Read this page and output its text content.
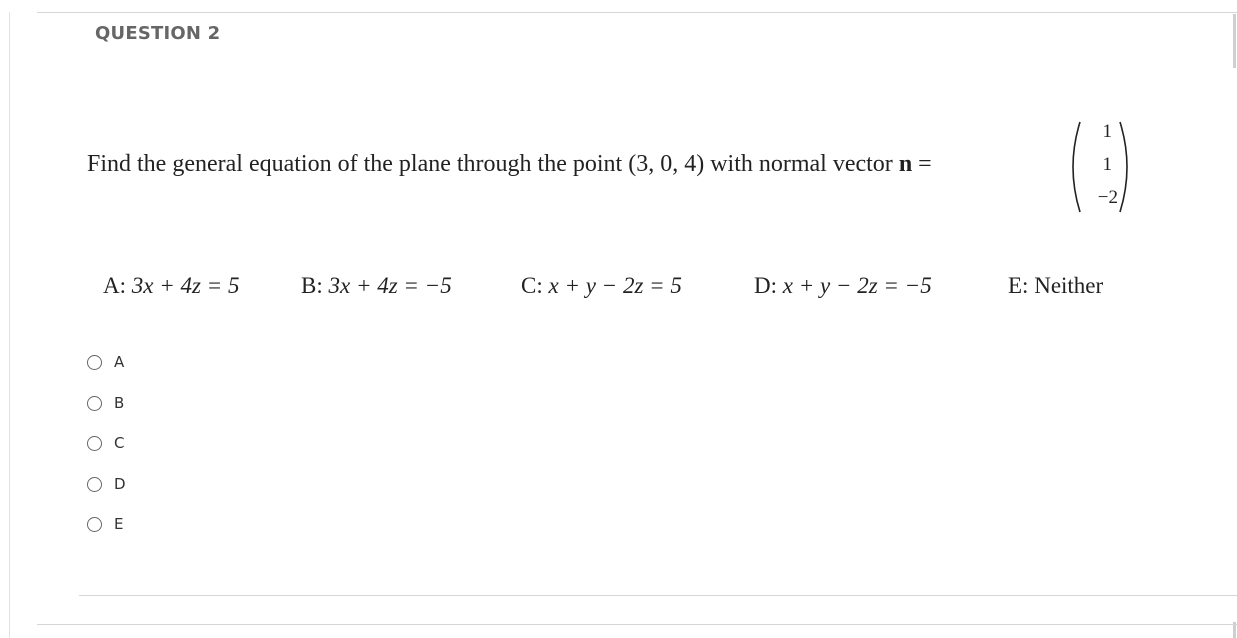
QUESTION 2
Find the general equation of the plane through the point (3, 0, 4) with normal vector n =
1
1
−2
A: 3x + 4z = 5	B: 3x + 4z = −5	C: x + y − 2z = 5	D: x + y − 2z = −5	E: Neither
A
B
C
D
E
